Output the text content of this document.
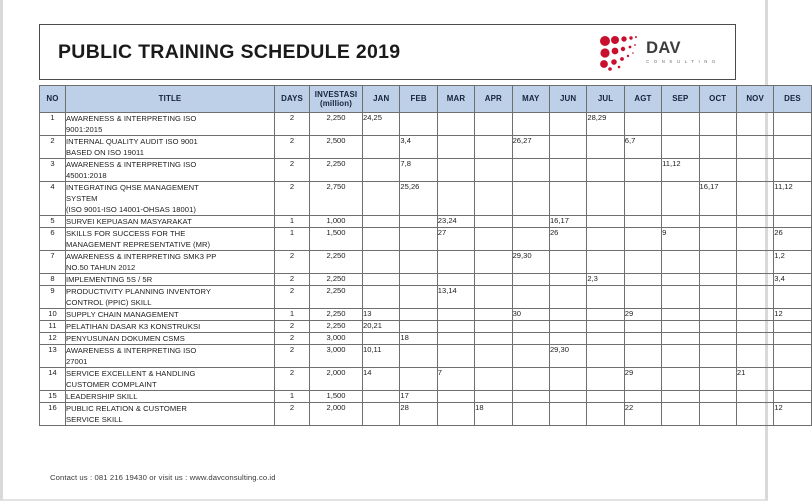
PUBLIC TRAINING SCHEDULE 2019	DAV
C O N S U L T I N G
NO	TITLE	DAYS	INVESTASI
(million)	JAN	FEB	MAR	APR	MAY	JUN	JUL	AGT	SEP	OCT	NOV	DES
1	AWARENESS & INTERPRETING ISO
9001:2015	2	2,250	24,25						28,29					
2	INTERNAL QUALITY AUDIT ISO 9001
BASED ON ISO 19011	2	2,500		3,4			26,27			6,7				
3	AWARENESS & INTERPRETING ISO
45001:2018	2	2,250		7,8							11,12			
4	INTEGRATING QHSE MANAGEMENT
SYSTEM
(ISO 9001-ISO 14001-OHSAS 18001)	2	2,750		25,26								16,17		11,12
5	SURVEI KEPUASAN MASYARAKAT	1	1,000			23,24			16,17						
6	SKILLS FOR SUCCESS FOR THE
MANAGEMENT REPRESENTATIVE (MR)	1	1,500			27			26			9			26
7	AWARENESS & INTERPRETING SMK3 PP
NO.50 TAHUN 2012	2	2,250					29,30							1,2
8	IMPLEMENTING 5S / 5R	2	2,250							2,3					3,4
9	PRODUCTIVITY PLANNING INVENTORY
CONTROL (PPIC) SKILL	2	2,250			13,14									
10	SUPPLY CHAIN MANAGEMENT	1	2,250	13				30			29				12
11	PELATIHAN DASAR K3 KONSTRUKSI	2	2,250	20,21											
12	PENYUSUNAN DOKUMEN CSMS	2	3,000		18										
13	AWARENESS & INTERPRETING ISO
27001	2	3,000	10,11					29,30						
14	SERVICE EXCELLENT & HANDLING
CUSTOMER COMPLAINT	2	2,000	14		7					29			21	
15	LEADERSHIP SKILL	1	1,500		17										
16	PUBLIC RELATION & CUSTOMER
SERVICE SKILL	2	2,000		28		18				22				12
Contact us : 081 216 19430 or visit us : www.davconsulting.co.id
